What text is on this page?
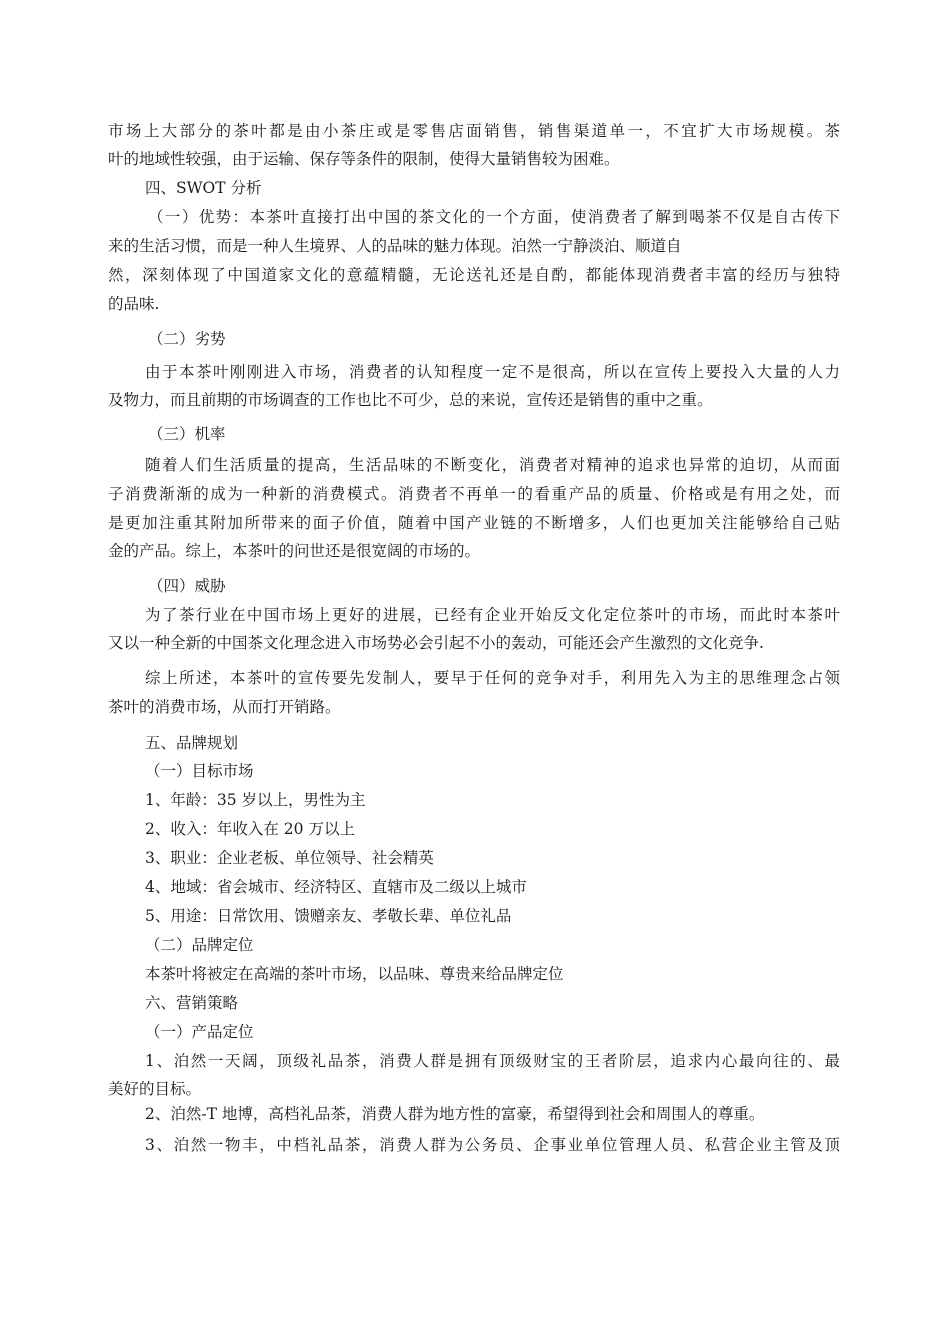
市场上大部分的茶叶都是由小茶庄或是零售店面销售，销售渠道单一，不宜扩大市场规模。茶
叶的地域性较强，由于运输、保存等条件的限制，使得大量销售较为困难。
四、SWOT 分析
（一）优势：本茶叶直接打出中国的茶文化的一个方面，使消费者了解到喝茶不仅是自古传下
来的生活习惯，而是一种人生境界、人的品味的魅力体现。泊然一宁静淡泊、顺道自
然，深刻体现了中国道家文化的意蕴精髓，无论送礼还是自酌，都能体现消费者丰富的经历与独特
的品味.
（二）劣势
由于本茶叶刚刚进入市场，消费者的认知程度一定不是很高，所以在宣传上要投入大量的人力
及物力，而且前期的市场调查的工作也比不可少，总的来说，宣传还是销售的重中之重。
（三）机率
随着人们生活质量的提高，生活品味的不断变化，消费者对精神的追求也异常的迫切，从而面
子消费渐渐的成为一种新的消费模式。消费者不再单一的看重产品的质量、价格或是有用之处，而
是更加注重其附加所带来的面子价值，随着中国产业链的不断增多，人们也更加关注能够给自己贴
金的产品。综上，本茶叶的问世还是很宽阔的市场的。
（四）威胁
为了茶行业在中国市场上更好的进展，已经有企业开始反文化定位茶叶的市场，而此时本茶叶
又以一种全新的中国茶文化理念进入市场势必会引起不小的轰动，可能还会产生激烈的文化竞争.
综上所述，本茶叶的宣传要先发制人，要早于任何的竞争对手，利用先入为主的思维理念占领
茶叶的消费市场，从而打开销路。
五、品牌规划
（一）目标市场
1、年龄：35 岁以上，男性为主
2、收入：年收入在 20 万以上
3、职业：企业老板、单位领导、社会精英
4、地域：省会城市、经济特区、直辖市及二级以上城市
5、用途：日常饮用、馈赠亲友、孝敬长辈、单位礼品
（二）品牌定位
本茶叶将被定在高端的茶叶市场，以品味、尊贵来给品牌定位
六、营销策略
（一）产品定位
1、泊然一天阔，顶级礼品茶，消费人群是拥有顶级财宝的王者阶层，追求内心最向往的、最
美好的目标。
2、泊然-T 地博，高档礼品茶，消费人群为地方性的富豪，希望得到社会和周围人的尊重。
3、泊然一物丰，中档礼品茶，消费人群为公务员、企事业单位管理人员、私营企业主管及顶
